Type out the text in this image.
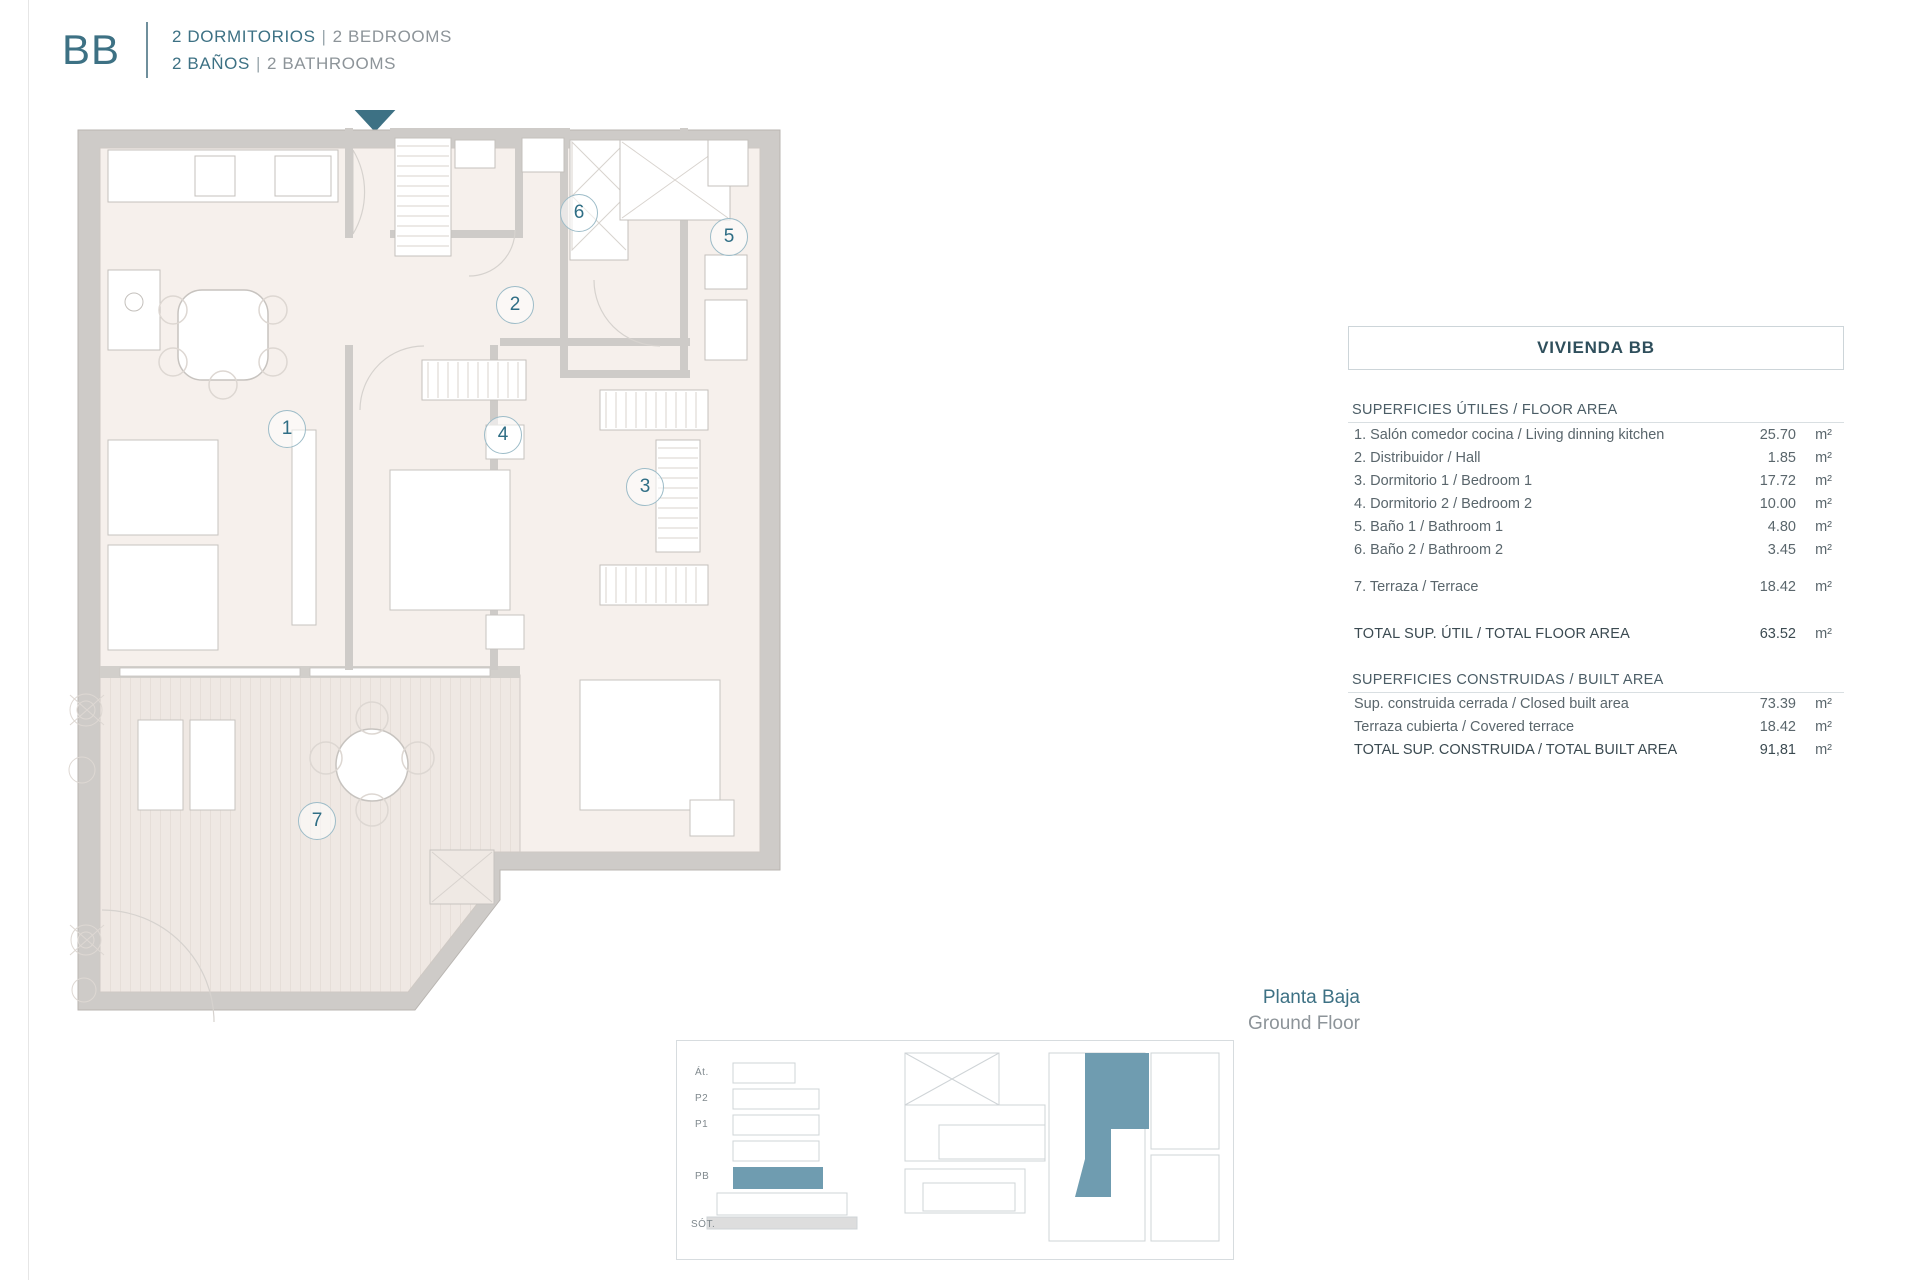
BB	2 DORMITORIOS | 2 BEDROOMS
2 BAÑOS | 2 BATHROOMS
1
2
3
4
5
6
7
Planta Baja
Ground Floor
Át.
P2
P1
PB
SÓT.
VIVIENDA BB
SUPERFICIES ÚTILES / FLOOR AREA
1. Salón comedor cocina / Living dinning kitchen	25.70	m²
2. Distribuidor / Hall	1.85	m²
3. Dormitorio 1 / Bedroom 1	17.72	m²
4. Dormitorio 2 / Bedroom 2	10.00	m²
5. Baño 1 / Bathroom 1	4.80	m²
6. Baño 2 / Bathroom 2	3.45	m²
7. Terraza / Terrace	18.42	m²
TOTAL SUP. ÚTIL / TOTAL FLOOR AREA	63.52	m²
SUPERFICIES CONSTRUIDAS / BUILT AREA
Sup. construida cerrada / Closed built area	73.39	m²
Terraza cubierta / Covered terrace	18.42	m²
TOTAL SUP. CONSTRUIDA / TOTAL BUILT AREA	91,81	m²
